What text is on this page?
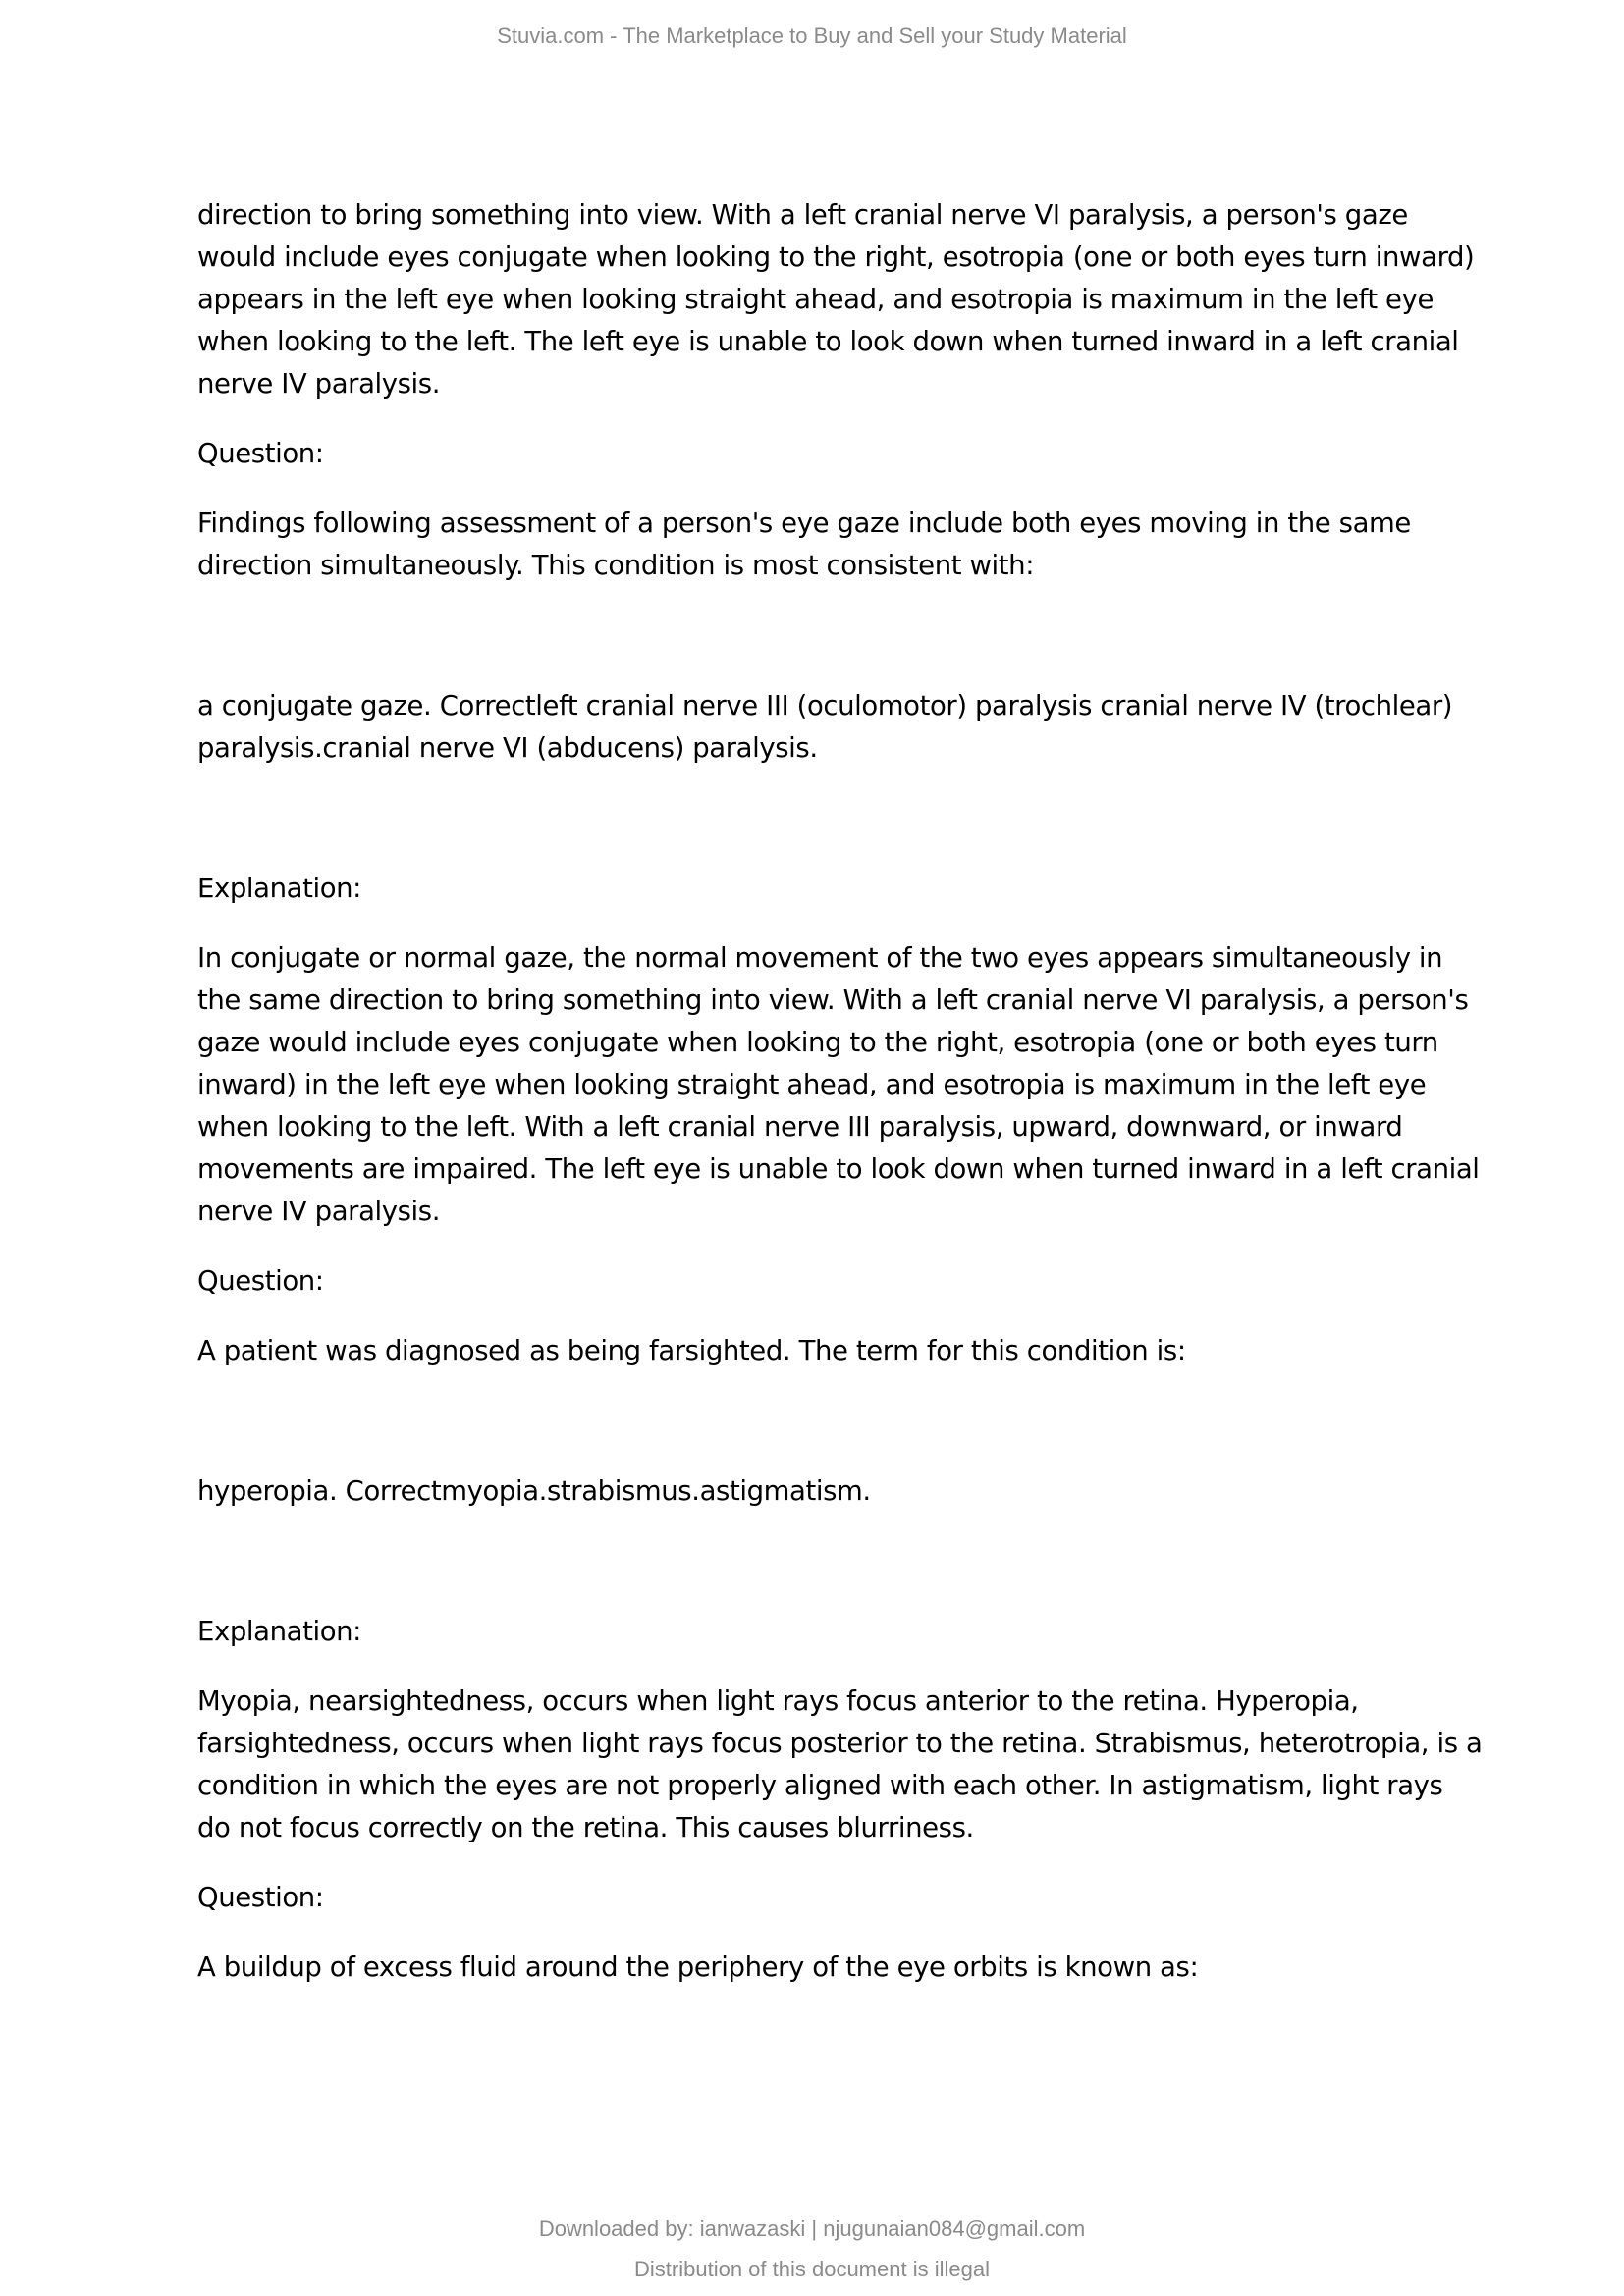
Stuvia.com - The Marketplace to Buy and Sell your Study Material

direction to bring something into view. With a left cranial nerve VI paralysis, a person's gaze would include eyes conjugate when looking to the right, esotropia (one or both eyes turn inward) appears in the left eye when looking straight ahead, and esotropia is maximum in the left eye when looking to the left. The left eye is unable to look down when turned inward in a left cranial nerve IV paralysis.

Question:

Findings following assessment of a person's eye gaze include both eyes moving in the same direction simultaneously. This condition is most consistent with:

a conjugate gaze. Correctleft cranial nerve III (oculomotor) paralysis cranial nerve IV (trochlear) paralysis.cranial nerve VI (abducens) paralysis.

Explanation:

In conjugate or normal gaze, the normal movement of the two eyes appears simultaneously in the same direction to bring something into view. With a left cranial nerve VI paralysis, a person's gaze would include eyes conjugate when looking to the right, esotropia (one or both eyes turn inward) in the left eye when looking straight ahead, and esotropia is maximum in the left eye when looking to the left. With a left cranial nerve III paralysis, upward, downward, or inward movements are impaired. The left eye is unable to look down when turned inward in a left cranial nerve IV paralysis.

Question:

A patient was diagnosed as being farsighted. The term for this condition is:

hyperopia. Correctmyopia.strabismus.astigmatism.

Explanation:

Myopia, nearsightedness, occurs when light rays focus anterior to the retina. Hyperopia, farsightedness, occurs when light rays focus posterior to the retina. Strabismus, heterotropia, is a condition in which the eyes are not properly aligned with each other. In astigmatism, light rays do not focus correctly on the retina. This causes blurriness.

Question:

A buildup of excess fluid around the periphery of the eye orbits is known as:

Downloaded by: ianwazaski | njugunaian084@gmail.com
Distribution of this document is illegal
